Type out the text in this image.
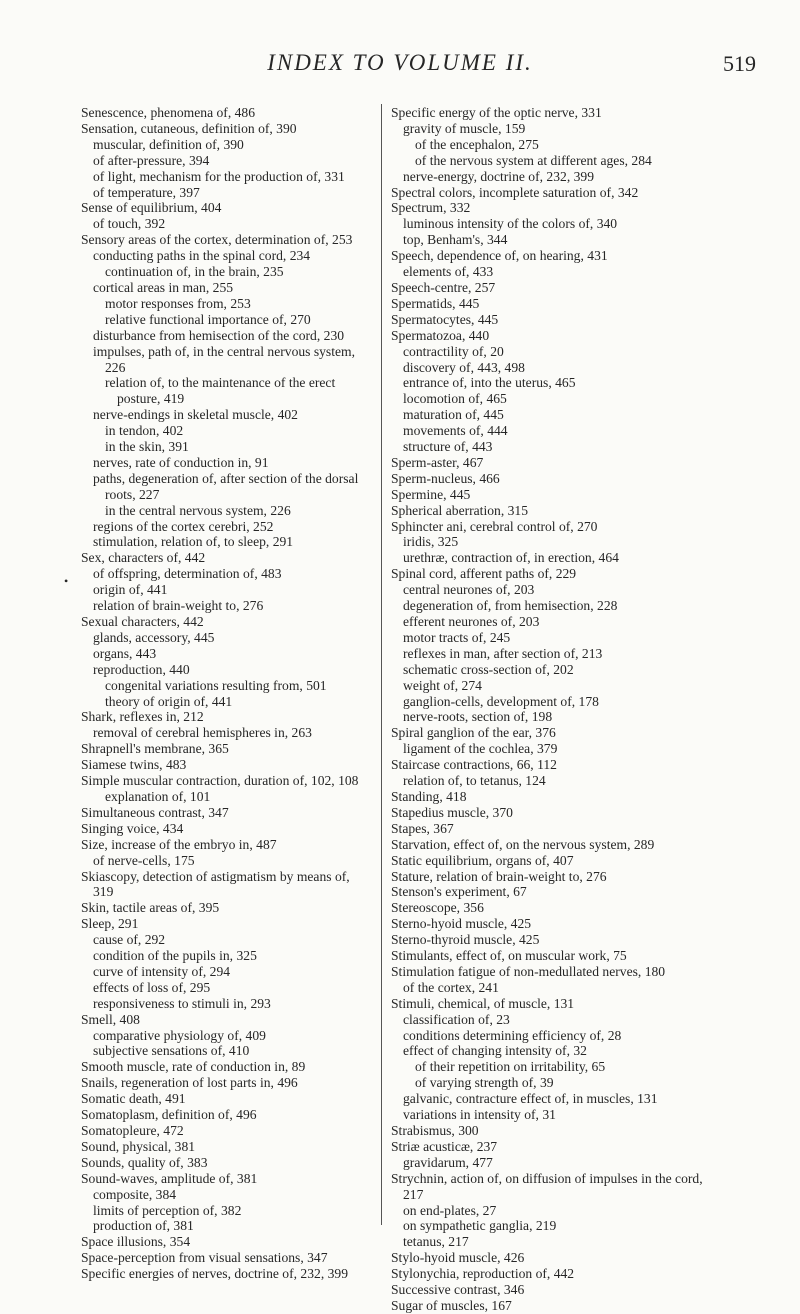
INDEX TO VOLUME II.	519
•
Senescence, phenomena of, 486
Sensation, cutaneous, definition of, 390
muscular, definition of, 390
of after-pressure, 394
of light, mechanism for the production of, 331
of temperature, 397
Sense of equilibrium, 404
of touch, 392
Sensory areas of the cortex, determination of, 253
conducting paths in the spinal cord, 234
continuation of, in the brain, 235
cortical areas in man, 255
motor responses from, 253
relative functional importance of, 270
disturbance from hemisection of the cord, 230
impulses, path of, in the central nervous system, 226
relation of, to the maintenance of the erect posture, 419
nerve-endings in skeletal muscle, 402
in tendon, 402
in the skin, 391
nerves, rate of conduction in, 91
paths, degeneration of, after section of the dorsal roots, 227
in the central nervous system, 226
regions of the cortex cerebri, 252
stimulation, relation of, to sleep, 291
Sex, characters of, 442
of offspring, determination of, 483
origin of, 441
relation of brain-weight to, 276
Sexual characters, 442
glands, accessory, 445
organs, 443
reproduction, 440
congenital variations resulting from, 501
theory of origin of, 441
Shark, reflexes in, 212
removal of cerebral hemispheres in, 263
Shrapnell's membrane, 365
Siamese twins, 483
Simple muscular contraction, duration of, 102, 108
explanation of, 101
Simultaneous contrast, 347
Singing voice, 434
Size, increase of the embryo in, 487
of nerve-cells, 175
Skiascopy, detection of astigmatism by means of, 319
Skin, tactile areas of, 395
Sleep, 291
cause of, 292
condition of the pupils in, 325
curve of intensity of, 294
effects of loss of, 295
responsiveness to stimuli in, 293
Smell, 408
comparative physiology of, 409
subjective sensations of, 410
Smooth muscle, rate of conduction in, 89
Snails, regeneration of lost parts in, 496
Somatic death, 491
Somatoplasm, definition of, 496
Somatopleure, 472
Sound, physical, 381
Sounds, quality of, 383
Sound-waves, amplitude of, 381
composite, 384
limits of perception of, 382
production of, 381
Space illusions, 354
Space-perception from visual sensations, 347
Specific energies of nerves, doctrine of, 232, 399
Specific energy of the optic nerve, 331
gravity of muscle, 159
of the encephalon, 275
of the nervous system at different ages, 284
nerve-energy, doctrine of, 232, 399
Spectral colors, incomplete saturation of, 342
Spectrum, 332
luminous intensity of the colors of, 340
top, Benham's, 344
Speech, dependence of, on hearing, 431
elements of, 433
Speech-centre, 257
Spermatids, 445
Spermatocytes, 445
Spermatozoa, 440
contractility of, 20
discovery of, 443, 498
entrance of, into the uterus, 465
locomotion of, 465
maturation of, 445
movements of, 444
structure of, 443
Sperm-aster, 467
Sperm-nucleus, 466
Spermine, 445
Spherical aberration, 315
Sphincter ani, cerebral control of, 270
iridis, 325
urethræ, contraction of, in erection, 464
Spinal cord, afferent paths of, 229
central neurones of, 203
degeneration of, from hemisection, 228
efferent neurones of, 203
motor tracts of, 245
reflexes in man, after section of, 213
schematic cross-section of, 202
weight of, 274
ganglion-cells, development of, 178
nerve-roots, section of, 198
Spiral ganglion of the ear, 376
ligament of the cochlea, 379
Staircase contractions, 66, 112
relation of, to tetanus, 124
Standing, 418
Stapedius muscle, 370
Stapes, 367
Starvation, effect of, on the nervous system, 289
Static equilibrium, organs of, 407
Stature, relation of brain-weight to, 276
Stenson's experiment, 67
Stereoscope, 356
Sterno-hyoid muscle, 425
Sterno-thyroid muscle, 425
Stimulants, effect of, on muscular work, 75
Stimulation fatigue of non-medullated nerves, 180
of the cortex, 241
Stimuli, chemical, of muscle, 131
classification of, 23
conditions determining efficiency of, 28
effect of changing intensity of, 32
of their repetition on irritability, 65
of varying strength of, 39
galvanic, contracture effect of, in muscles, 131
variations in intensity of, 31
Strabismus, 300
Striæ acusticæ, 237
gravidarum, 477
Strychnin, action of, on diffusion of impulses in the cord, 217
on end-plates, 27
on sympathetic ganglia, 219
tetanus, 217
Stylo-hyoid muscle, 426
Stylonychia, reproduction of, 442
Successive contrast, 346
Sugar of muscles, 167
